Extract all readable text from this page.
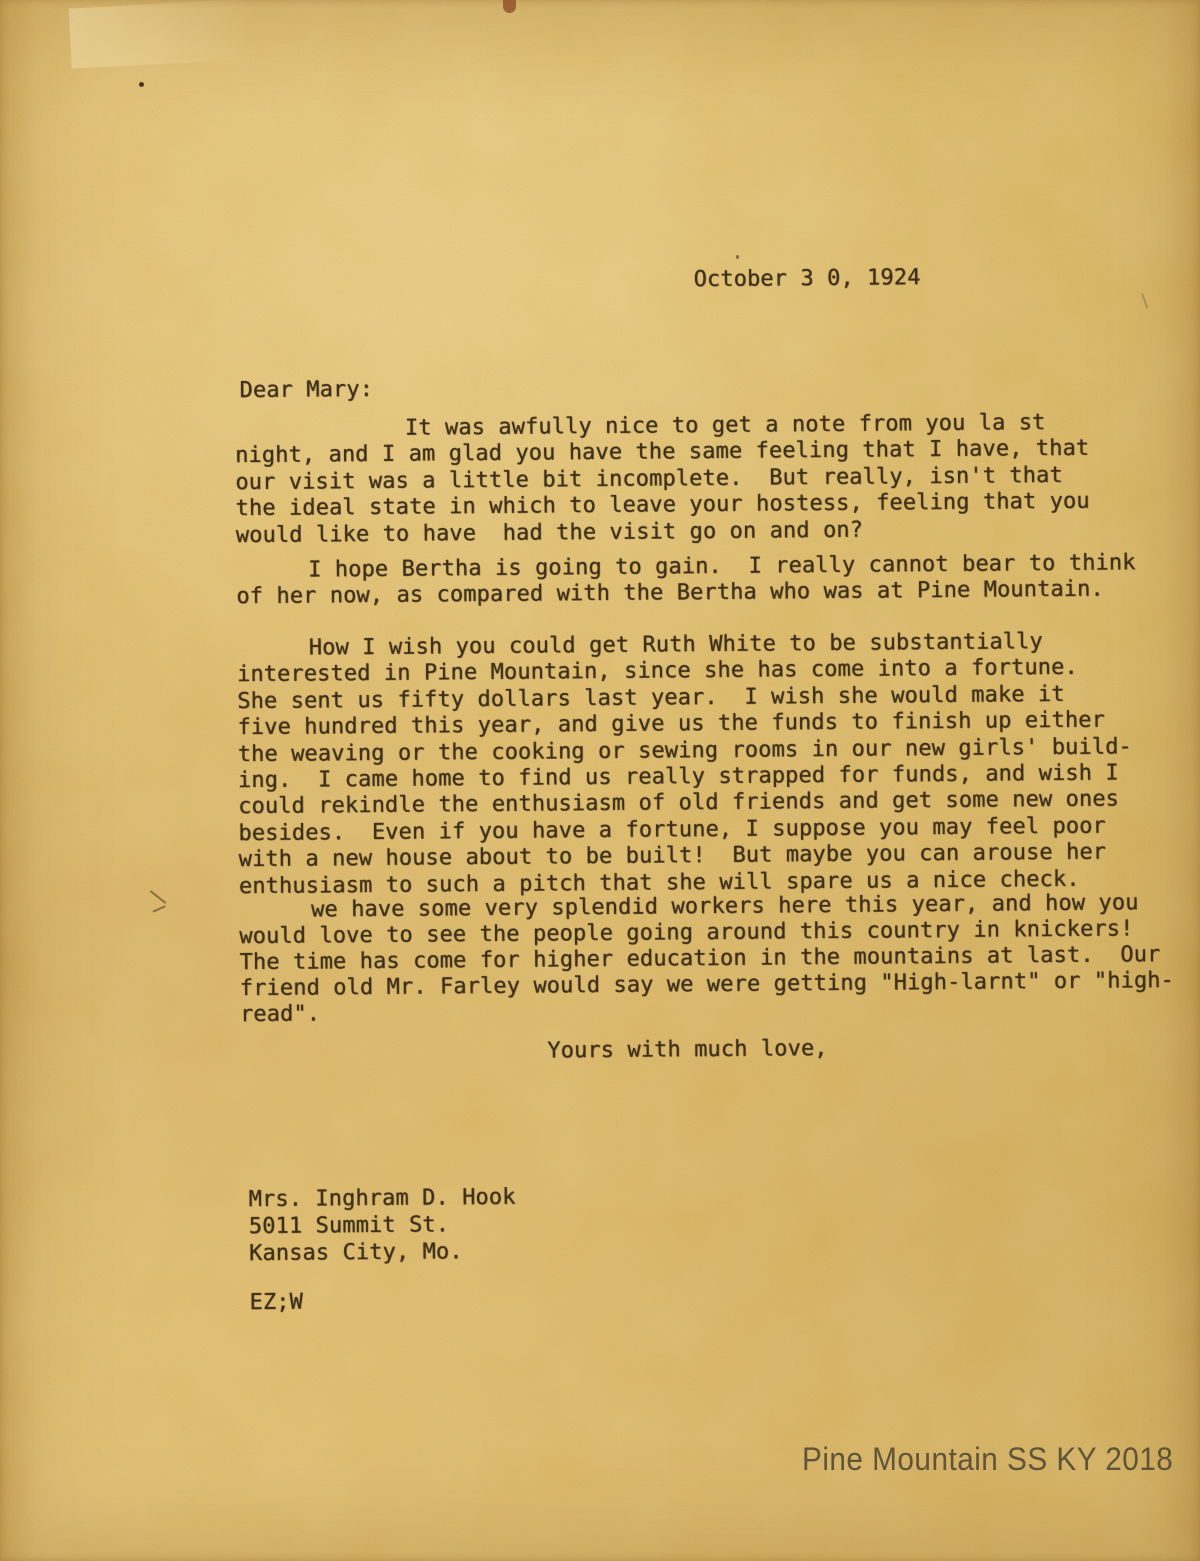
October 3 0, 1924
Dear Mary:
It was awfully nice to get a note from you la st
night, and I am glad you have the same feeling that I have, that
our visit was a little bit incomplete.  But really, isn't that
the ideal state in which to leave your hostess, feeling that you
would like to have  had the visit go on and on?
I hope Bertha is going to gain.  I really cannot bear to think
of her now, as compared with the Bertha who was at Pine Mountain.
How I wish you could get Ruth White to be substantially
interested in Pine Mountain, since she has come into a fortune.
She sent us fifty dollars last year.  I wish she would make it
five hundred this year, and give us the funds to finish up either
the weaving or the cooking or sewing rooms in our new girls' build-
ing.  I came home to find us really strapped for funds, and wish I
could rekindle the enthusiasm of old friends and get some new ones
besides.  Even if you have a fortune, I suppose you may feel poor
with a new house about to be built!  But maybe you can arouse her
enthusiasm to such a pitch that she will spare us a nice check.
we have some very splendid workers here this year, and how you
would love to see the people going around this country in knickers!
The time has come for higher education in the mountains at last.  Our
friend old Mr. Farley would say we were getting "High-larnt" or "high-
read".
Yours with much love,
Mrs. Inghram D. Hook
5011 Summit St.
Kansas City, Mo.
EZ;W
Pine Mountain SS KY 2018
